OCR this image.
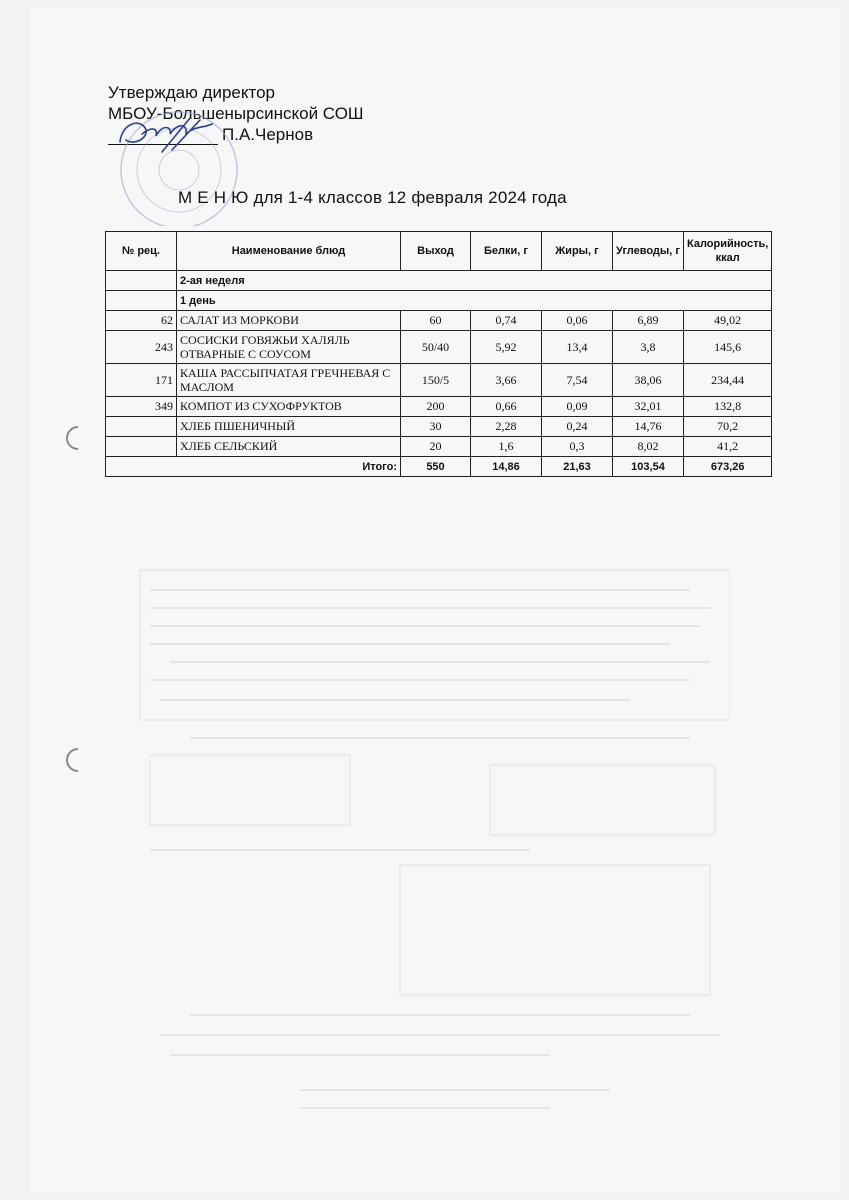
Утверждаю директор
МБОУ-Большенырсинской СОШ
П.А.Чернов
М Е Н Ю для 1-4 классов 12 февраля 2024 года
№ рец.	Наименование блюд	Выход	Белки, г	Жиры, г	Углеводы, г	Калорийность, ккал
	2-ая неделя					
	1 день					
62	САЛАТ ИЗ МОРКОВИ	60	0,74	0,06	6,89	49,02
243	СОСИСКИ ГОВЯЖЬИ ХАЛЯЛЬ ОТВАРНЫЕ С СОУСОМ	50/40	5,92	13,4	3,8	145,6
171	КАША РАССЫПЧАТАЯ ГРЕЧНЕВАЯ С МАСЛОМ	150/5	3,66	7,54	38,06	234,44
349	КОМПОТ ИЗ СУХОФРУКТОВ	200	0,66	0,09	32,01	132,8
	ХЛЕБ ПШЕНИЧНЫЙ	30	2,28	0,24	14,76	70,2
	ХЛЕБ СЕЛЬСКИЙ	20	1,6	0,3	8,02	41,2
Итого:		550	14,86	21,63	103,54	673,26
